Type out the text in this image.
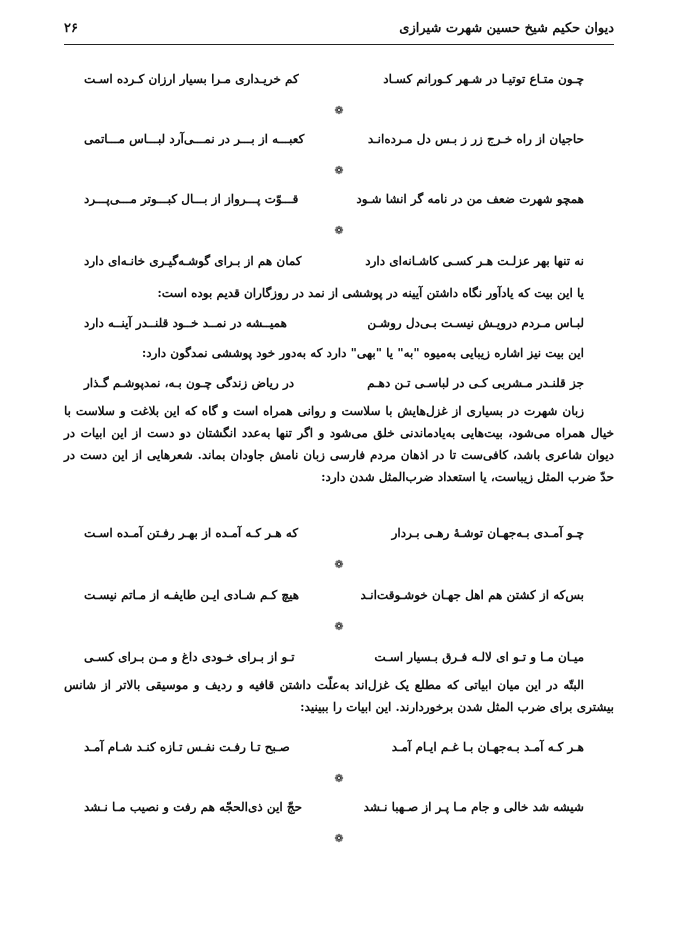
دیوان حکیم شیخ حسین شهرت شیرازی
۲۶
چـون متـاع توتیـا در شـهر کـورانم کسـاد
کم خریـداری مـرا بسیار ارزان کـرده اسـت
❁
حاجیان از راه خـرج زر ز بـس دل مـرده‌انـد
کعبـــه از بـــر در نمـــی‌آرد لبـــاس مـــاتمی
❁
همچو شهرت ضعف من در نامه گر انشا شـود
قـــوّت پـــرواز از بـــال کبـــوتر مـــی‌پـــرد
❁
نه تنها بهر عزلـت هـر کسـی کاشـانه‌ای دارد
کمان هم از بـرای گوشـه‌گیـری خانـه‌ای دارد
یا این بیت که یادآور نگاه داشتن آیینه در پوششی از نمد در روزگاران قدیم بوده است:
لبـاس مـردم درویـش نیسـت بـی‌دل روشـن
همیــشه در نمــد خــود قلنــدر آینــه دارد
این بیت نیز اشاره زیبایی به‌میوه "به" یا "بهی" دارد که به‌دور خود پوششی نمدگون دارد:
جز قلنـدر مـشربی کـی در لباسـی تـن دهـم
در ریاض زندگی چـون بـه، نمدپوشـم گـذار
زبان شهرت در بسیاری از غزل‌هایش با سلاست و روانی همراه است و گاه که این بلاغت و سلاست با خیال همراه می‌شود، بیت‌هایی به‌یادماندنی خلق می‌شود و اگر تنها به‌عدد انگشتان دو دست از این ابیات در دیوان شاعری باشد، کافی‌ست تا در اذهان مردم فارسی زبان نامش جاودان بماند. شعرهایی از این دست در حدّ ضرب المثل زیباست، یا استعداد ضرب‌المثل شدن دارد:
چـو آمـدی بـه‌جهـان توشـهٔ رهـی بـردار
که هـر کـه آمـده از بهـر رفـتن آمـده اسـت
❁
بس‌که از کشتن هم اهل جهـان خوشـوقت‌انـد
هیچ کـم شـادی ایـن طایفـه از مـاتم نیسـت
❁
میـان مـا و تـو ای لالـه فـرق بـسیار اسـت
تـو از بـرای خـودی داغ و مـن بـرای کسـی
البتّه در این میان ابیاتی که مطلع یک غزل‌اند به‌علّت داشتن قافیه و ردیف و موسیقی بالاتر از شانس بیشتری برای ضرب المثل شدن برخوردارند. این ابیات را ببینید:
هـر کـه آمـد بـه‌جهـان بـا غـم ایـام آمـد
صـبح تـا رفـت نفـس تـازه کنـد شـام آمـد
❁
شیشه شد خالی و جام مـا پـر از صـهبا نـشد
حجّ این ذی‌الحجّه هم رفت و نصیب مـا نـشد
❁
